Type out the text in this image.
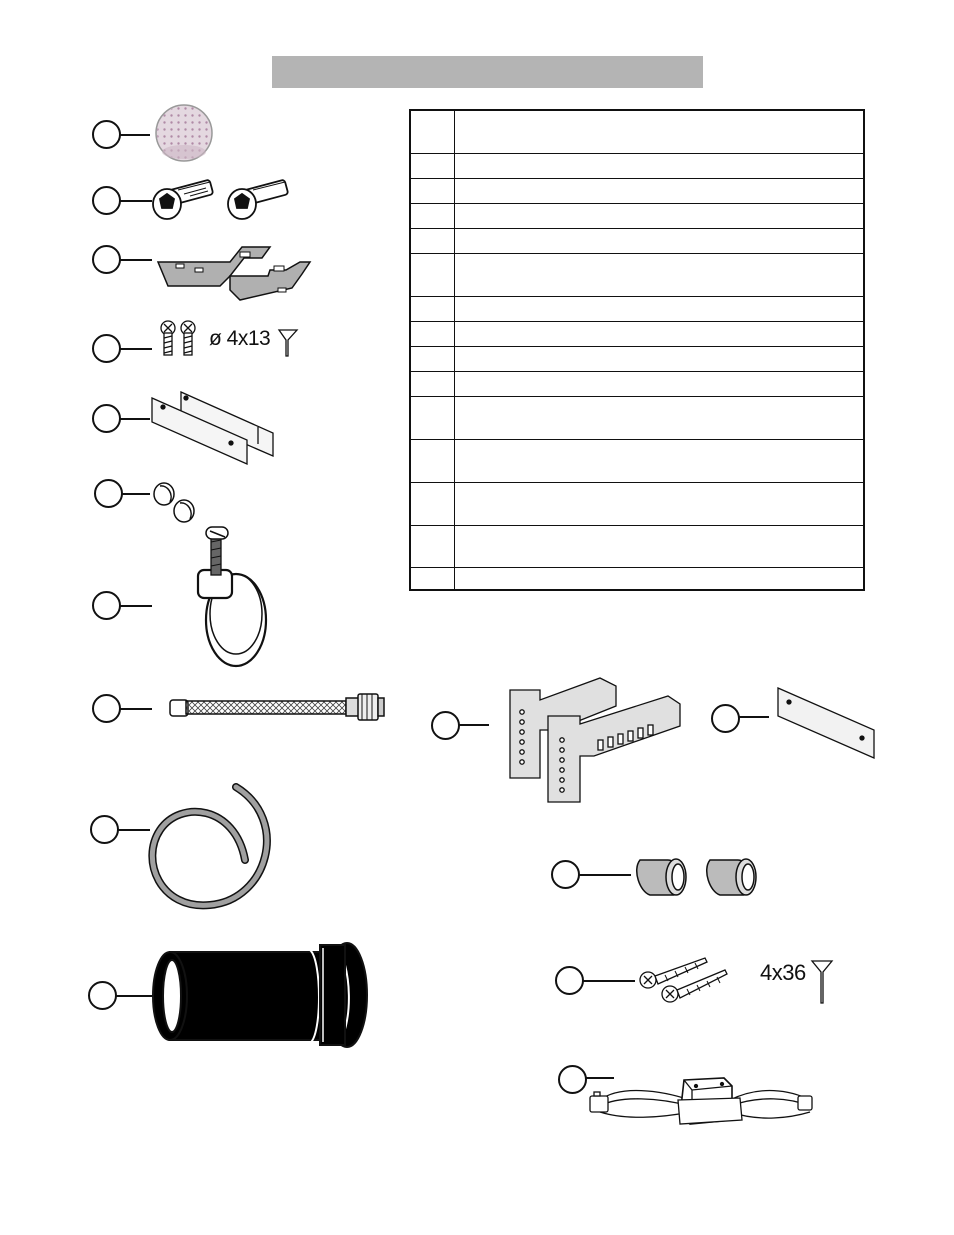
ø 4x13
4x36
